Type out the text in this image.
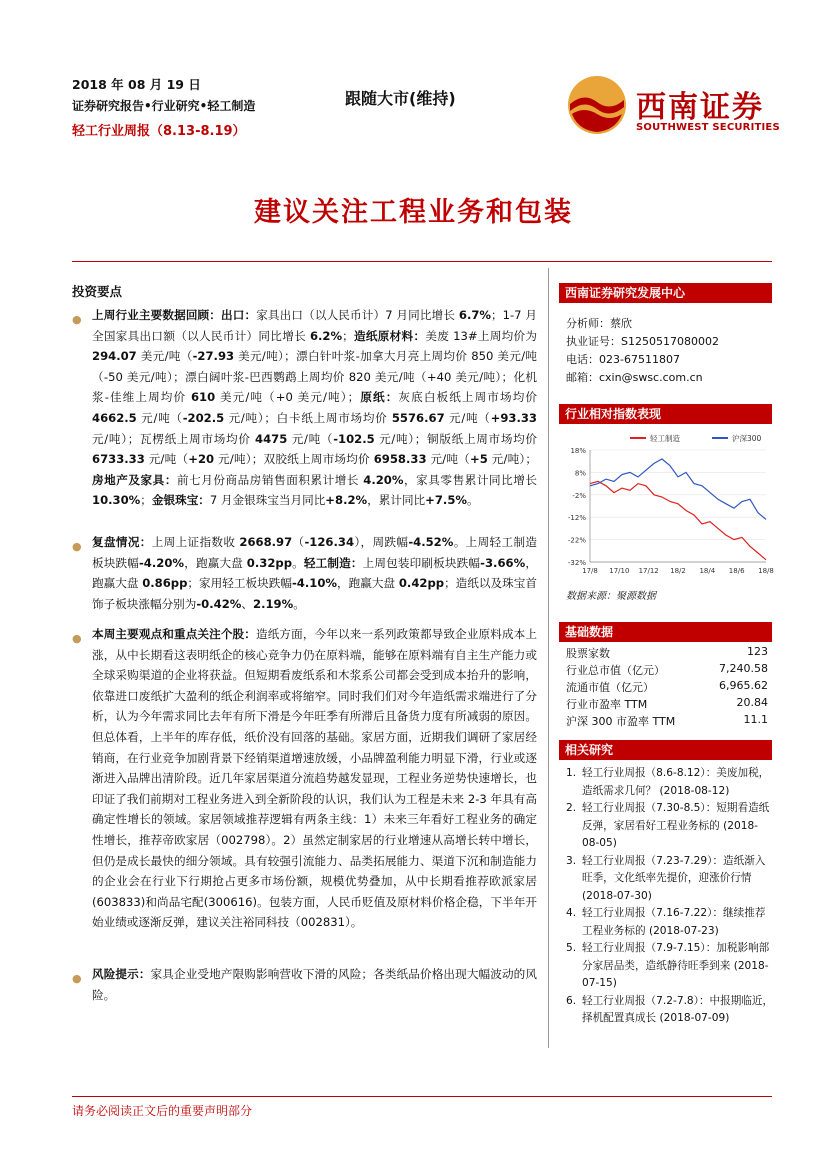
2018 年 08 月 19 日
证券研究报告•行业研究•轻工制造
轻工行业周报（8.13-8.19）
跟随大市(维持)	西南证券
SOUTHWEST SECURITIES
建议关注工程业务和包装
投资要点
● 上周行业主要数据回顾：出口：家具出口（以人民币计）7 月同比增长 6.7%；1-7 月全国家具出口额（以人民币计）同比增长 6.2%；造纸原材料：美废 13#上周均价为 294.07 美元/吨（-27.93 美元/吨）；漂白针叶浆-加拿大月亮上周均价 850 美元/吨（-50 美元/吨）；漂白阔叶浆-巴西鹦鹉上周均价 820 美元/吨（+40 美元/吨）；化机浆-佳维上周均价 610 美元/吨（+0 美元/吨）；原纸：灰底白板纸上周市场均价 4662.5 元/吨（-202.5 元/吨）；白卡纸上周市场均价 5576.67 元/吨（+93.33 元/吨）；瓦楞纸上周市场均价 4475 元/吨（-102.5 元/吨）；铜版纸上周市场均价 6733.33 元/吨（+20 元/吨）；双胶纸上周市场均价 6958.33 元/吨（+5 元/吨）；房地产及家具：前七月份商品房销售面积累计增长 4.20%，家具零售累计同比增长 10.30%；金银珠宝：7 月金银珠宝当月同比+8.2%，累计同比+7.5%。
● 复盘情况：上周上证指数收 2668.97（-126.34），周跌幅-4.52%。上周轻工制造板块跌幅-4.20%，跑赢大盘 0.32pp。轻工制造：上周包装印刷板块跌幅-3.66%，跑赢大盘 0.86pp；家用轻工板块跌幅-4.10%，跑赢大盘 0.42pp；造纸以及珠宝首饰子板块涨幅分别为-0.42%、2.19%。
● 本周主要观点和重点关注个股：造纸方面，今年以来一系列政策都导致企业原料成本上涨，从中长期看这表明纸企的核心竞争力仍在原料端，能够在原料端有自主生产能力或全球采购渠道的企业将获益。但短期看废纸系和木浆系公司都会受到成本抬升的影响，依靠进口废纸扩大盈利的纸企利润率或将缩窄。同时我们们对今年造纸需求端进行了分析，认为今年需求同比去年有所下滑是今年旺季有所滞后且备货力度有所减弱的原因。但总体看，上半年的库存低，纸价没有回落的基础。家居方面，近期我们调研了家居经销商，在行业竞争加剧背景下经销渠道增速放缓，小品牌盈利能力明显下滑，行业或逐渐进入品牌出清阶段。近几年家居渠道分流趋势越发显现，工程业务逆势快速增长，也印证了我们前期对工程业务进入到全新阶段的认识，我们认为工程是未来 2-3 年具有高确定性增长的领域。家居领域推荐逻辑有两条主线：1）未来三年看好工程业务的确定性增长，推荐帝欧家居（002798）。2）虽然定制家居的行业增速从高增长转中增长，但仍是成长最快的细分领域。具有较强引流能力、品类拓展能力、渠道下沉和制造能力的企业会在行业下行期抢占更多市场份额，规模优势叠加，从中长期看推荐欧派家居(603833)和尚品宅配(300616)。包装方面，人民币贬值及原材料价格企稳，下半年开始业绩或逐渐反弹，建议关注裕同科技（002831）。
● 风险提示：家具企业受地产限购影响营收下滑的风险；各类纸品价格出现大幅波动的风险。
西南证券研究发展中心
分析师：蔡欣
执业证号：S1250517080002
电话：023-67511807
邮箱：cxin@swsc.com.cn
行业相对指数表现
18%
8%
-2%
-12%
-22%
-32%
17/8 17/10 17/12 18/2 18/4 18/6 18/8
轻工制造	沪深300
数据来源：聚源数据
基础数据
股票家数	123
行业总市值（亿元）	7,240.58
流通市值（亿元）	6,965.62
行业市盈率 TTM	20.84
沪深 300 市盈率 TTM	11.1
相关研究
1. 轻工行业周报（8.6-8.12）：美废加税，造纸需求几何？ (2018-08-12)
2. 轻工行业周报（7.30-8.5）：短期看造纸反弹，家居看好工程业务标的 (2018-08-05)
3. 轻工行业周报（7.23-7.29）：造纸渐入旺季，文化纸率先提价，迎涨价行情 (2018-07-30)
4. 轻工行业周报（7.16-7.22）：继续推荐工程业务标的 (2018-07-23)
5. 轻工行业周报（7.9-7.15）：加税影响部分家居品类，造纸静待旺季到来 (2018-07-15)
6. 轻工行业周报（7.2-7.8）：中报期临近，择机配置真成长 (2018-07-09)
请务必阅读正文后的重要声明部分
